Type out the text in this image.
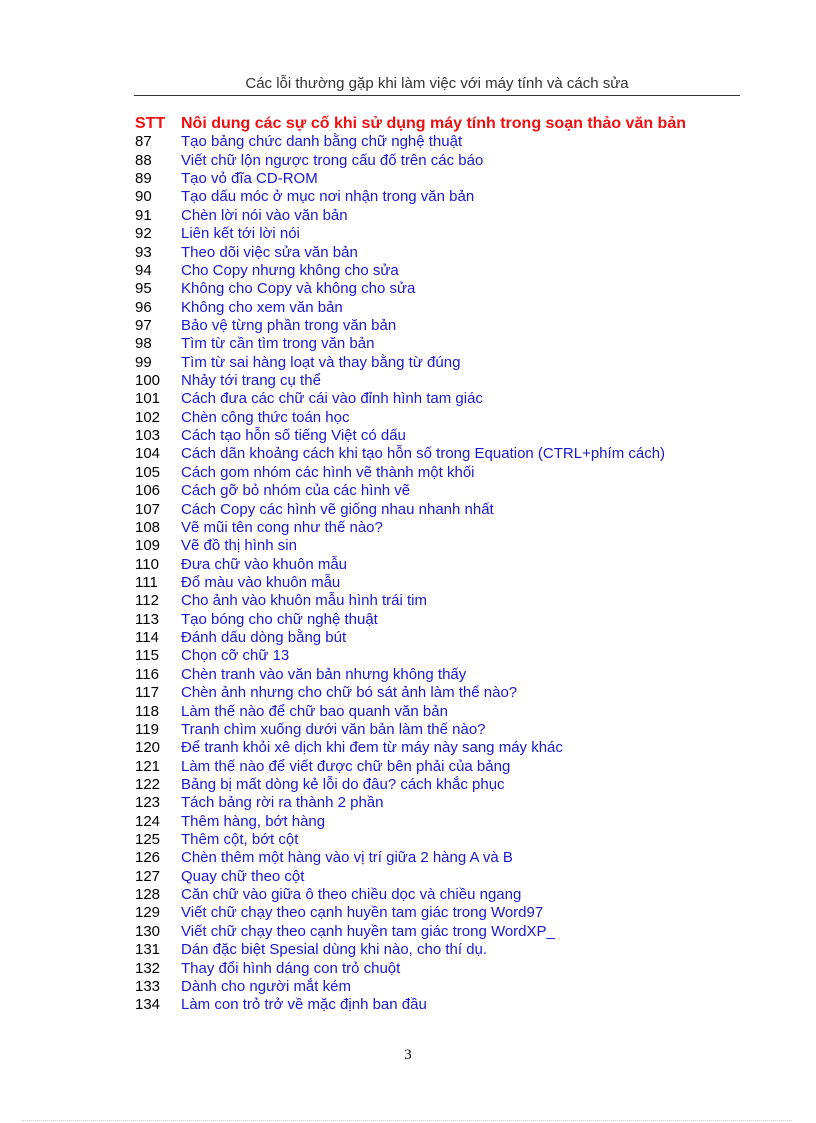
Các lỗi thường gặp khi làm việc với máy tính và cách sửa
STT Nôi dung các sự cố khi sử dụng máy tính trong soạn thảo văn bản
87	Tạo bảng chức danh bằng chữ nghệ thuật
88	Viết chữ lộn ngược trong cấu đố trên các báo
89	Tạo vỏ đĩa CD-ROM
90	Tạo dấu móc ở mục nơi nhận trong văn bản
91	Chèn lời nói vào văn bản
92	Liên kết tới lời nói
93	Theo dõi việc sửa văn bản
94	Cho Copy nhưng không cho sửa
95	Không cho Copy và không cho sửa
96	Không cho xem văn bản
97	Bảo vệ từng phần trong văn bản
98	Tìm từ cần tìm trong văn bản
99	Tìm từ sai hàng loạt và thay bằng từ đúng
100	Nhảy tới trang cụ thể
101	Cách đưa các chữ cái vào đỉnh hình tam giác
102	Chèn công thức toán học
103	Cách tạo hỗn số tiếng Việt có dấu
104	Cách dãn khoảng cách khi tạo hỗn số trong Equation (CTRL+phím cách)
105	Cách gom nhóm các hình vẽ thành một khối
106	Cách gỡ bỏ nhóm của các hình vẽ
107	Cách Copy các hình vẽ giống nhau nhanh nhất
108	Vẽ mũi tên cong như thế nào?
109	Vẽ đồ thị hình sin
110	Đưa chữ vào khuôn mẫu
111	Đổ màu vào khuôn mẫu
112	Cho ảnh vào khuôn mẫu hình trái tim
113	Tạo bóng cho chữ nghệ thuật
114	Đánh dấu dòng bằng bút
115	Chọn cỡ chữ 13
116	Chèn tranh vào văn bản nhưng không thấy
117	Chèn ảnh nhưng cho chữ bó sát ảnh làm thế nào?
118	Làm thế nào để chữ bao quanh văn bản
119	Tranh chìm xuống dưới văn bản làm thế nào?
120	Để tranh khỏi xê dịch khi đem từ máy này sang máy khác
121	Làm thế nào để viết được chữ bên phải của bảng
122	Bảng bị mất dòng kẻ lỗi do đâu? cách khắc phục
123	Tách bảng rời ra thành 2 phần
124	Thêm hàng, bớt hàng
125	Thêm cột, bớt cột
126	Chèn thêm một hàng vào vị trí giữa 2 hàng A và B
127	Quay chữ theo cột
128	Căn chữ vào giữa ô theo chiều dọc và chiều ngang
129	Viết chữ chạy theo cạnh huyền tam giác trong Word97
130	Viết chữ chạy theo cạnh huyền tam giác trong WordXP_
131	Dán đặc biệt Spesial dùng khi nào, cho thí dụ.
132	Thay đổi hình dáng con trỏ chuột
133	Dành cho người mắt kém
134	Làm con trỏ trở về mặc định ban đầu
3
